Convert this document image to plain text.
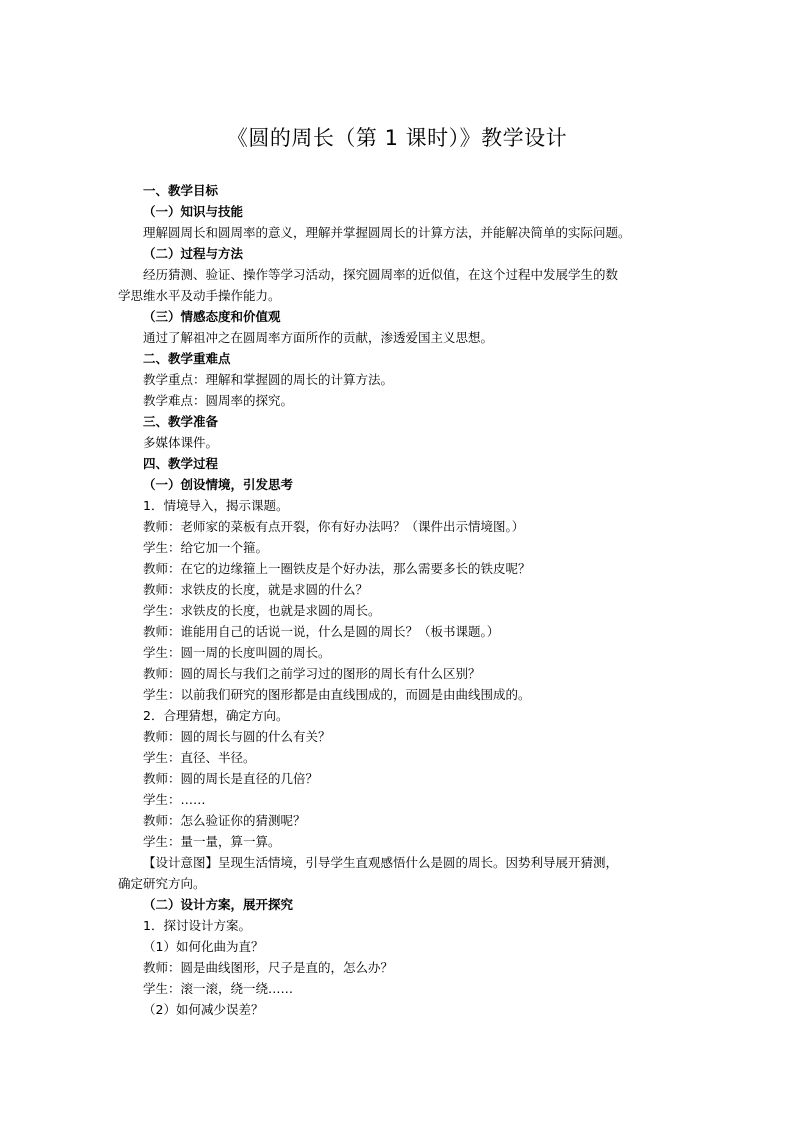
《圆的周长（第 1 课时）》教学设计
一、教学目标
（一）知识与技能
理解圆周长和圆周率的意义，理解并掌握圆周长的计算方法，并能解决简单的实际问题。
（二）过程与方法
经历猜测、验证、操作等学习活动，探究圆周率的近似值，在这个过程中发展学生的数
学思维水平及动手操作能力。
（三）情感态度和价值观
通过了解祖冲之在圆周率方面所作的贡献，渗透爱国主义思想。
二、教学重难点
教学重点：理解和掌握圆的周长的计算方法。
教学难点：圆周率的探究。
三、教学准备
多媒体课件。
四、教学过程
（一）创设情境，引发思考
1．情境导入，揭示课题。
教师：老师家的菜板有点开裂，你有好办法吗？（课件出示情境图。）
学生：给它加一个箍。
教师：在它的边缘箍上一圈铁皮是个好办法，那么需要多长的铁皮呢？
教师：求铁皮的长度，就是求圆的什么？
学生：求铁皮的长度，也就是求圆的周长。
教师：谁能用自己的话说一说，什么是圆的周长？（板书课题。）
学生：圆一周的长度叫圆的周长。
教师：圆的周长与我们之前学习过的图形的周长有什么区别？
学生：以前我们研究的图形都是由直线围成的，而圆是由曲线围成的。
2．合理猜想，确定方向。
教师：圆的周长与圆的什么有关？
学生：直径、半径。
教师：圆的周长是直径的几倍？
学生：……
教师：怎么验证你的猜测呢？
学生：量一量，算一算。
【设计意图】呈现生活情境，引导学生直观感悟什么是圆的周长。因势利导展开猜测，
确定研究方向。
（二）设计方案，展开探究
1．探讨设计方案。
（1）如何化曲为直？
教师：圆是曲线图形，尺子是直的，怎么办？
学生：滚一滚，绕一绕……
（2）如何减少误差？
